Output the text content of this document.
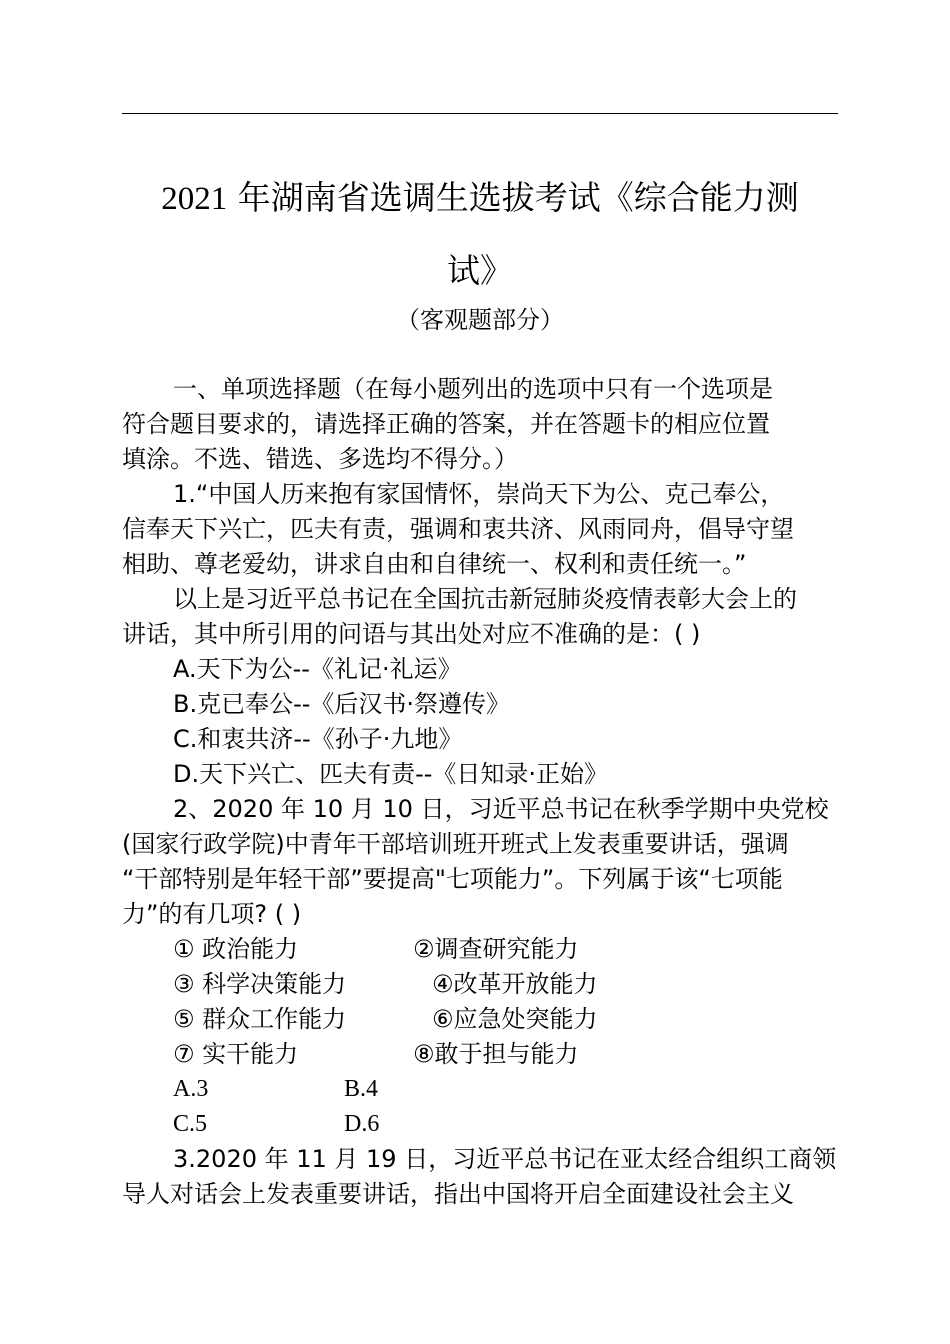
2021 年湖南省选调生选拔考试《综合能力测
试》
（客观题部分）
一、单项选择题（在每小题列出的选项中只有一个选项是
符合题目要求的，请选择正确的答案，并在答题卡的相应位置
填涂。不选、错选、多选均不得分。）
1.“中国人历来抱有家国情怀，崇尚天下为公、克己奉公，
信奉天下兴亡，匹夫有责，强调和衷共济、风雨同舟，倡导守望
相助、尊老爱幼，讲求自由和自律统一、权利和责任统一。”
以上是习近平总书记在全国抗击新冠肺炎疫情表彰大会上的
讲话，其中所引用的问语与其出处对应不准确的是：( )
A.天下为公--《礼记·礼运》
B.克已奉公--《后汉书·祭遵传》
C.和衷共济--《孙子·九地》
D.天下兴亡、匹夫有责--《日知录·正始》
2、2020 年 10 月 10 日，习近平总书记在秋季学期中央党校
(国家行政学院)中青年干部培训班开班式上发表重要讲话，强调
“干部特别是年轻干部”要提高"七项能力”。下列属于该“七项能
力”的有几项? ( )
① 政治能力	②调查研究能力
③ 科学决策能力	④改革开放能力
⑤ 群众工作能力	⑥应急处突能力
⑦ 实干能力	⑧敢于担与能力
A.3	B.4
C.5	D.6
3.2020 年 11 月 19 日，习近平总书记在亚太经合组织工商领
导人对话会上发表重要讲话，指出中国将开启全面建设社会主义
